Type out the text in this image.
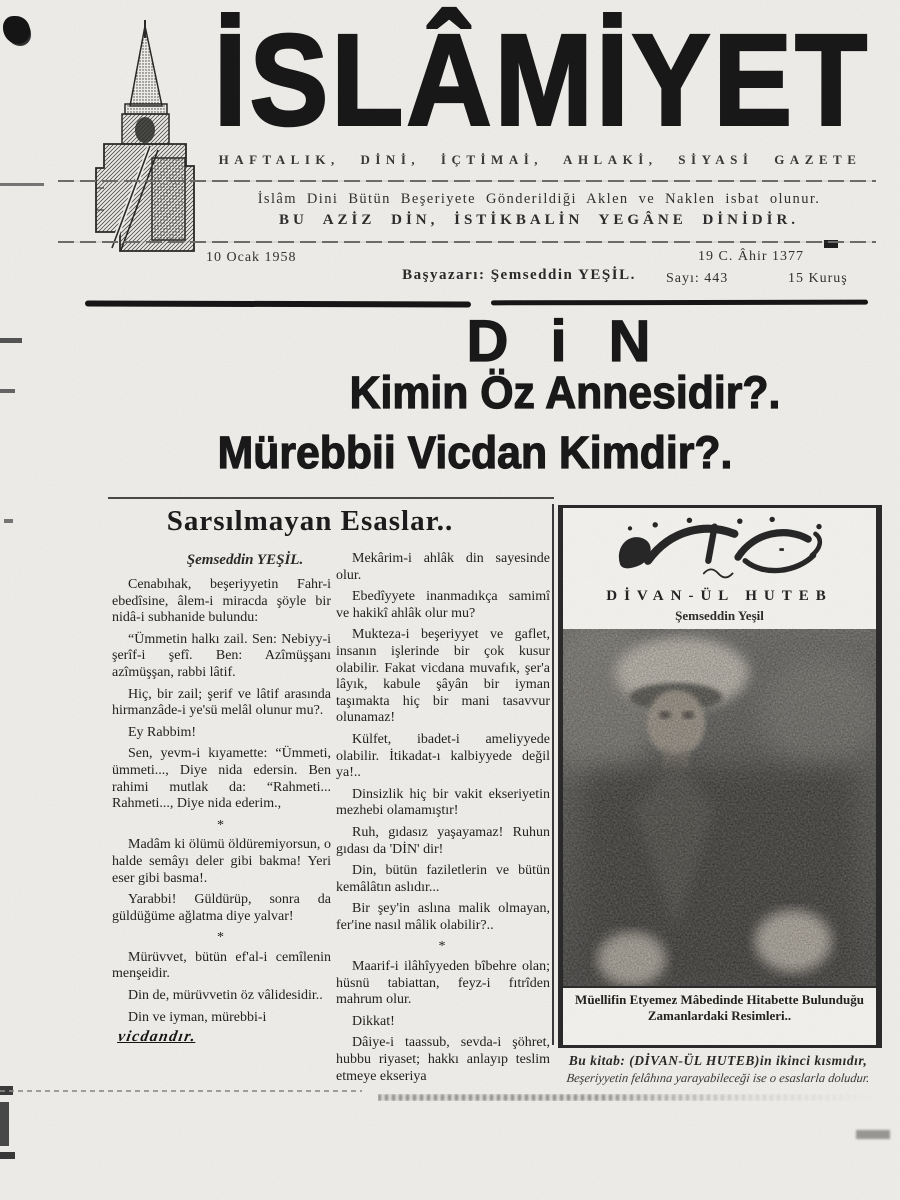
İSLÂMİYET
HAFTALIK, DİNİ, İÇTİMAİ, AHLAKİ, SİYASİ GAZETE
İslâm Dini Bütün Beşeriyete Gönderildiği Aklen ve Naklen isbat olunur.
BU AZİZ DİN, İSTİKBALİN YEGÂNE DİNİDİR.
10 Ocak 1958	19 C. Âhir 1377
Başyazarı: Şemseddin YEŞİL.	Sayı: 443	15 Kuruş
D i N
Kimin Öz Annesidir?.
Mürebbii Vicdan Kimdir?.
Sarsılmayan Esaslar..
Şemseddin YEŞİL.

Cenabıhak, beşeriyyetin Fahr-i ebedîsine, âlem-i miracda şöyle bir nidâ-i subhanide bulundu:

“Ümmetin halkı zail. Sen: Nebiyy-i şerîf-i şefî. Ben: Azîmüşşanı azîmüşşan, rabbi lâtif.

Hiç, bir zail; şerif ve lâtif arasında hirmanzâde-i ye'sü melâl olunur mu?.

Ey Rabbim!

Sen, yevm-i kıyamette: “Ümmeti, ümmeti..., Diye nida edersin. Ben rahimi mutlak da: “Rahmeti... Rahmeti..., Diye nida ederim.,

*

Madâm ki ölümü öldüremiyorsun, o halde semâyı deler gibi bakma! Yeri eser gibi basma!.

Yarabbi! Güldürüp, sonra da güldüğüme ağlatma diye yalvar!

*

Mürüvvet, bütün ef'al-i cemîlenin menşeidir.

Din de, mürüvvetin öz vâlidesidir..

Din ve iyman, mürebbi-i

vicdandır.

Mekârim-i ahlâk din sayesinde olur.

Ebedîyyete inanmadıkça samimî ve hakikî ahlâk olur mu?

Mukteza-i beşeriyyet ve gaflet, insanın işlerinde bir çok kusur olabilir. Fakat vicdana muvafık, şer'a lâyık, kabule şâyân bir iyman taşımakta hiç bir mani tasavvur olunamaz!

Külfet, ibadet-i ameliyyede olabilir. İtikadat-ı kalbiyyede değil ya!..

Dinsizlik hiç bir vakit ekseriyetin mezhebi olamamıştır!

Ruh, gıdasız yaşayamaz! Ruhun gıdası da 'DİN' dir!

Din, bütün faziletlerin ve bütün kemâlâtın aslıdır...

Bir şey'in aslına malik olmayan, fer'ine nasıl mâlik olabilir?..

*

Maarif-i ilâhîyyeden bîbehre olan; hüsnü tabiattan, feyz-i fıtrîden mahrum olur.

Dikkat!

Dâiye-i taassub, sevda-i şöhret, hubbu riyaset; hakkı anlayıp teslim etmeye ekseriya

DİVAN-ÜL HUTEB
Şemseddin Yeşil
Müellifin Etyemez Mâbedinde Hitabette Bulunduğu
Zamanlardaki Resimleri..
Bu kitab: (DİVAN-ÜL HUTEB)in ikinci kısmıdır,
Beşeriyyetin felâhına yarayabileceği ise o esaslarla doludur.
